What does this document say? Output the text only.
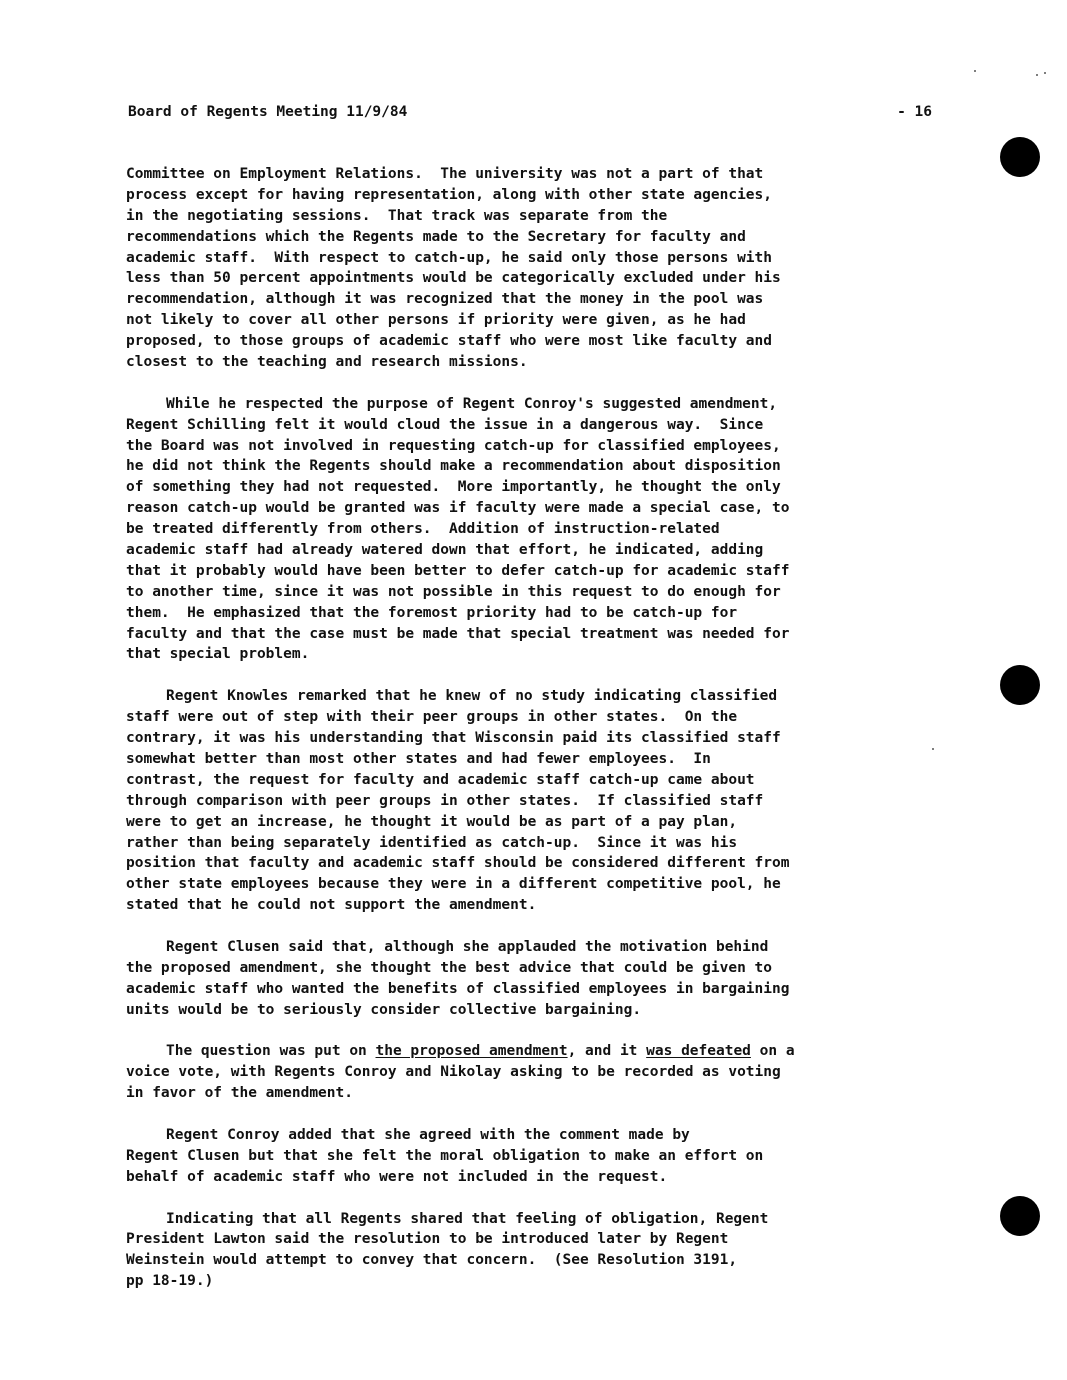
Board of Regents Meeting 11/9/84	- 16
Committee on Employment Relations.  The university was not a part of that
process except for having representation, along with other state agencies,
in the negotiating sessions.  That track was separate from the
recommendations which the Regents made to the Secretary for faculty and
academic staff.  With respect to catch-up, he said only those persons with
less than 50 percent appointments would be categorically excluded under his
recommendation, although it was recognized that the money in the pool was
not likely to cover all other persons if priority were given, as he had
proposed, to those groups of academic staff who were most like faculty and
closest to the teaching and research missions.
While he respected the purpose of Regent Conroy's suggested amendment,
Regent Schilling felt it would cloud the issue in a dangerous way.  Since
the Board was not involved in requesting catch-up for classified employees,
he did not think the Regents should make a recommendation about disposition
of something they had not requested.  More importantly, he thought the only
reason catch-up would be granted was if faculty were made a special case, to
be treated differently from others.  Addition of instruction-related
academic staff had already watered down that effort, he indicated, adding
that it probably would have been better to defer catch-up for academic staff
to another time, since it was not possible in this request to do enough for
them.  He emphasized that the foremost priority had to be catch-up for
faculty and that the case must be made that special treatment was needed for
that special problem.
Regent Knowles remarked that he knew of no study indicating classified
staff were out of step with their peer groups in other states.  On the
contrary, it was his understanding that Wisconsin paid its classified staff
somewhat better than most other states and had fewer employees.  In
contrast, the request for faculty and academic staff catch-up came about
through comparison with peer groups in other states.  If classified staff
were to get an increase, he thought it would be as part of a pay plan,
rather than being separately identified as catch-up.  Since it was his
position that faculty and academic staff should be considered different from
other state employees because they were in a different competitive pool, he
stated that he could not support the amendment.
Regent Clusen said that, although she applauded the motivation behind
the proposed amendment, she thought the best advice that could be given to
academic staff who wanted the benefits of classified employees in bargaining
units would be to seriously consider collective bargaining.
The question was put on the proposed amendment, and it was defeated on a
voice vote, with Regents Conroy and Nikolay asking to be recorded as voting
in favor of the amendment.
Regent Conroy added that she agreed with the comment made by
Regent Clusen but that she felt the moral obligation to make an effort on
behalf of academic staff who were not included in the request.
Indicating that all Regents shared that feeling of obligation, Regent
President Lawton said the resolution to be introduced later by Regent
Weinstein would attempt to convey that concern.  (See Resolution 3191,
pp 18-19.)
